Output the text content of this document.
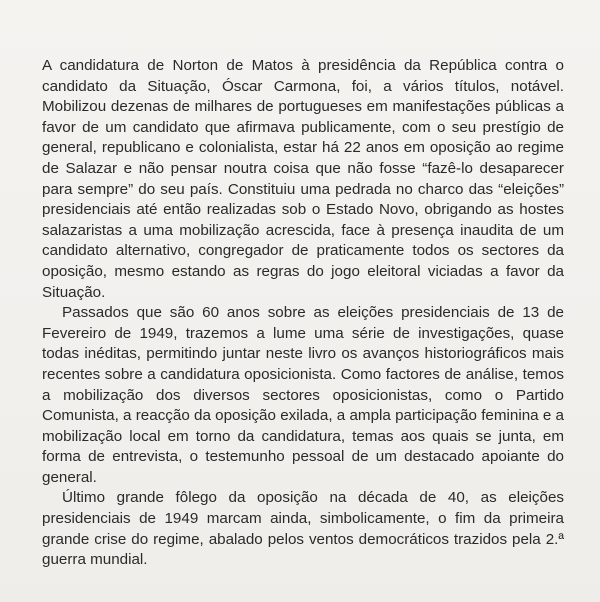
A candidatura de Norton de Matos à presidência da República contra o candidato da Situação, Óscar Carmona, foi, a vários títulos, notável. Mobilizou dezenas de milhares de portugueses em manifestações públicas a favor de um candidato que afirmava publicamente, com o seu prestígio de general, republicano e colonialista, estar há 22 anos em oposição ao regime de Salazar e não pensar noutra coisa que não fosse “fazê-lo desaparecer para sempre” do seu país. Constituiu uma pedrada no charco das “eleições” presidenciais até então realizadas sob o Estado Novo, obrigando as hostes salazaristas a uma mobilização acrescida, face à presença inaudita de um candidato alternativo, congregador de praticamente todos os sectores da oposição, mesmo estando as regras do jogo eleitoral viciadas a favor da Situação.

Passados que são 60 anos sobre as eleições presidenciais de 13 de Fevereiro de 1949, trazemos a lume uma série de investigações, quase todas inéditas, permitindo juntar neste livro os avanços historiográficos mais recentes sobre a candidatura oposicionista. Como factores de análise, temos a mobilização dos diversos sectores oposicionistas, como o Partido Comunista, a reacção da oposição exilada, a ampla participação feminina e a mobilização local em torno da candidatura, temas aos quais se junta, em forma de entrevista, o testemunho pessoal de um destacado apoiante do general.

Último grande fôlego da oposição na década de 40, as eleições presidenciais de 1949 marcam ainda, simbolicamente, o fim da primeira grande crise do regime, abalado pelos ventos democráticos trazidos pela 2.ª guerra mundial.
